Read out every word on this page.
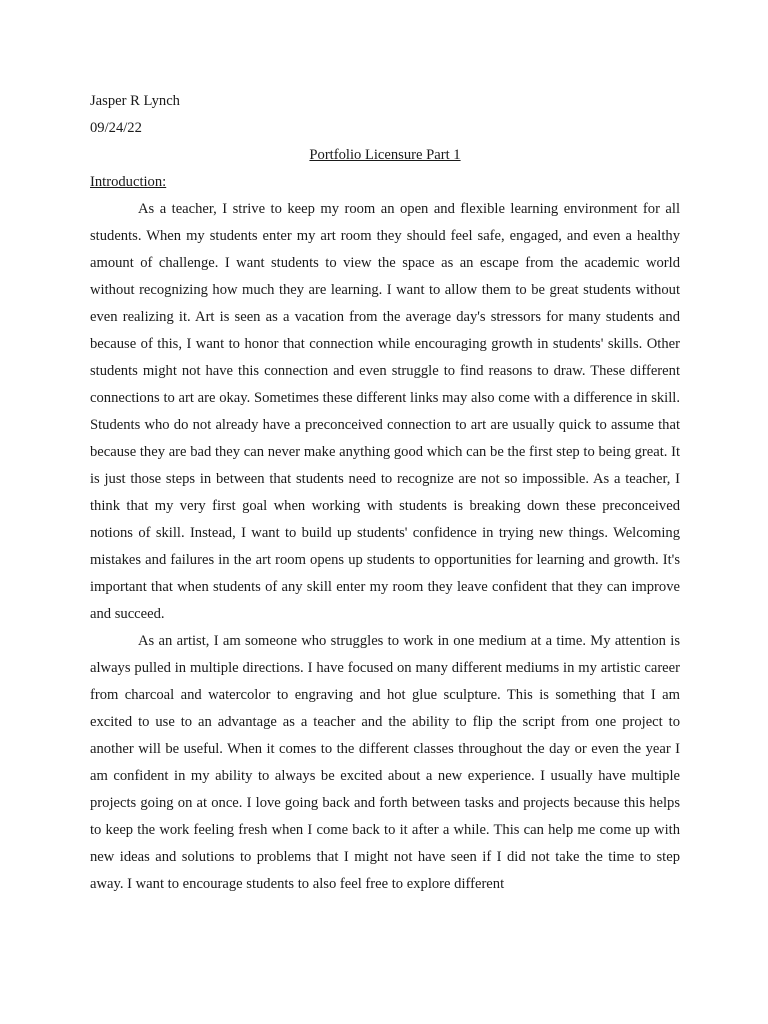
Jasper R Lynch

09/24/22

Portfolio Licensure Part 1

Introduction:

As a teacher, I strive to keep my room an open and flexible learning environment for all students. When my students enter my art room they should feel safe, engaged, and even a healthy amount of challenge. I want students to view the space as an escape from the academic world without recognizing how much they are learning. I want to allow them to be great students without even realizing it. Art is seen as a vacation from the average day's stressors for many students and because of this, I want to honor that connection while encouraging growth in students' skills. Other students might not have this connection and even struggle to find reasons to draw. These different connections to art are okay. Sometimes these different links may also come with a difference in skill. Students who do not already have a preconceived connection to art are usually quick to assume that because they are bad they can never make anything good which can be the first step to being great. It is just those steps in between that students need to recognize are not so impossible. As a teacher, I think that my very first goal when working with students is breaking down these preconceived notions of skill. Instead, I want to build up students' confidence in trying new things. Welcoming mistakes and failures in the art room opens up students to opportunities for learning and growth. It's important that when students of any skill enter my room they leave confident that they can improve and succeed.

As an artist, I am someone who struggles to work in one medium at a time. My attention is always pulled in multiple directions. I have focused on many different mediums in my artistic career from charcoal and watercolor to engraving and hot glue sculpture. This is something that I am excited to use to an advantage as a teacher and the ability to flip the script from one project to another will be useful. When it comes to the different classes throughout the day or even the year I am confident in my ability to always be excited about a new experience. I usually have multiple projects going on at once. I love going back and forth between tasks and projects because this helps to keep the work feeling fresh when I come back to it after a while. This can help me come up with new ideas and solutions to problems that I might not have seen if I did not take the time to step away. I want to encourage students to also feel free to explore different
